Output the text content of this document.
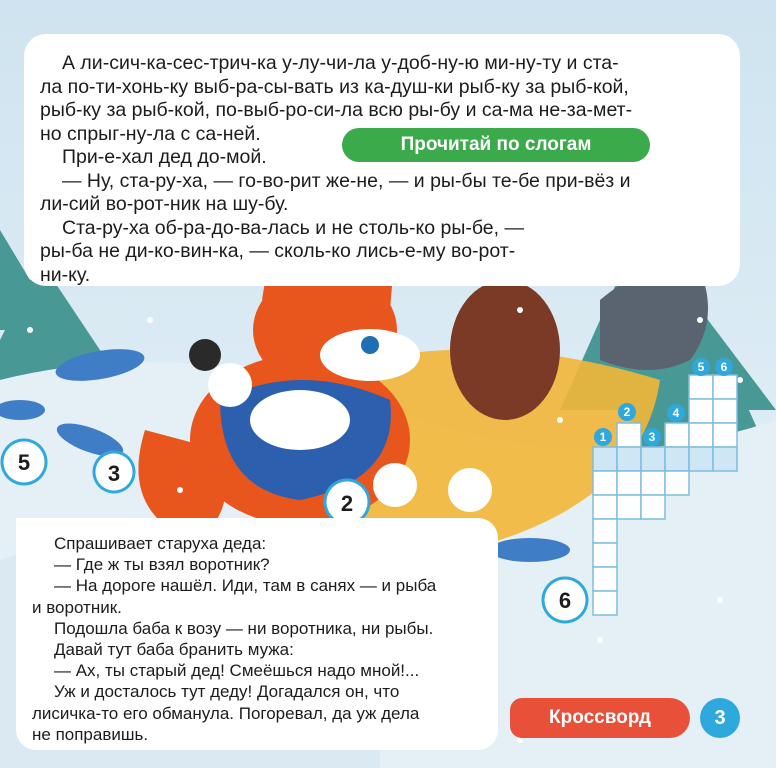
1
2
3
4
5 6
5	3
2
6

А ли-сич-ка-сес-трич-ка у-лу-чи-ла у-доб-ну-ю ми-ну-ту и ста-

ла по-ти-хонь-ку выб-ра-сы-вать из ка-душ-ки рыб-ку за рыб-кой,

рыб-ку за рыб-кой, по-выб-ро-си-ла всю ры-бу и са-ма не-за-мет-

но спрыг-ну-ла с са-ней.

При-е-хал дед до-мой.

— Ну, ста-ру-ха, — го-во-рит же-не, — и ры-бы те-бе при-вёз и

ли-сий во-рот-ник на шу-бу.

Ста-ру-ха об-ра-до-ва-лась и не столь-ко ры-бе, —

ры-ба не ди-ко-вин-ка, — сколь-ко лись-е-му во-рот-

ни-ку.

Прочитай по слогам

Спрашивает старуха деда:

— Где ж ты взял воротник?

— На дороге нашёл. Иди, там в санях — и рыба

и воротник.

Подошла баба к возу — ни воротника, ни рыбы.

Давай тут баба бранить мужа:

— Ах, ты старый дед! Смеёшься надо мной!...

Уж и досталось тут деду! Догадался он, что

лисичка-то его обманула. Погоревал, да уж дела

не поправишь.

Кроссворд	3
